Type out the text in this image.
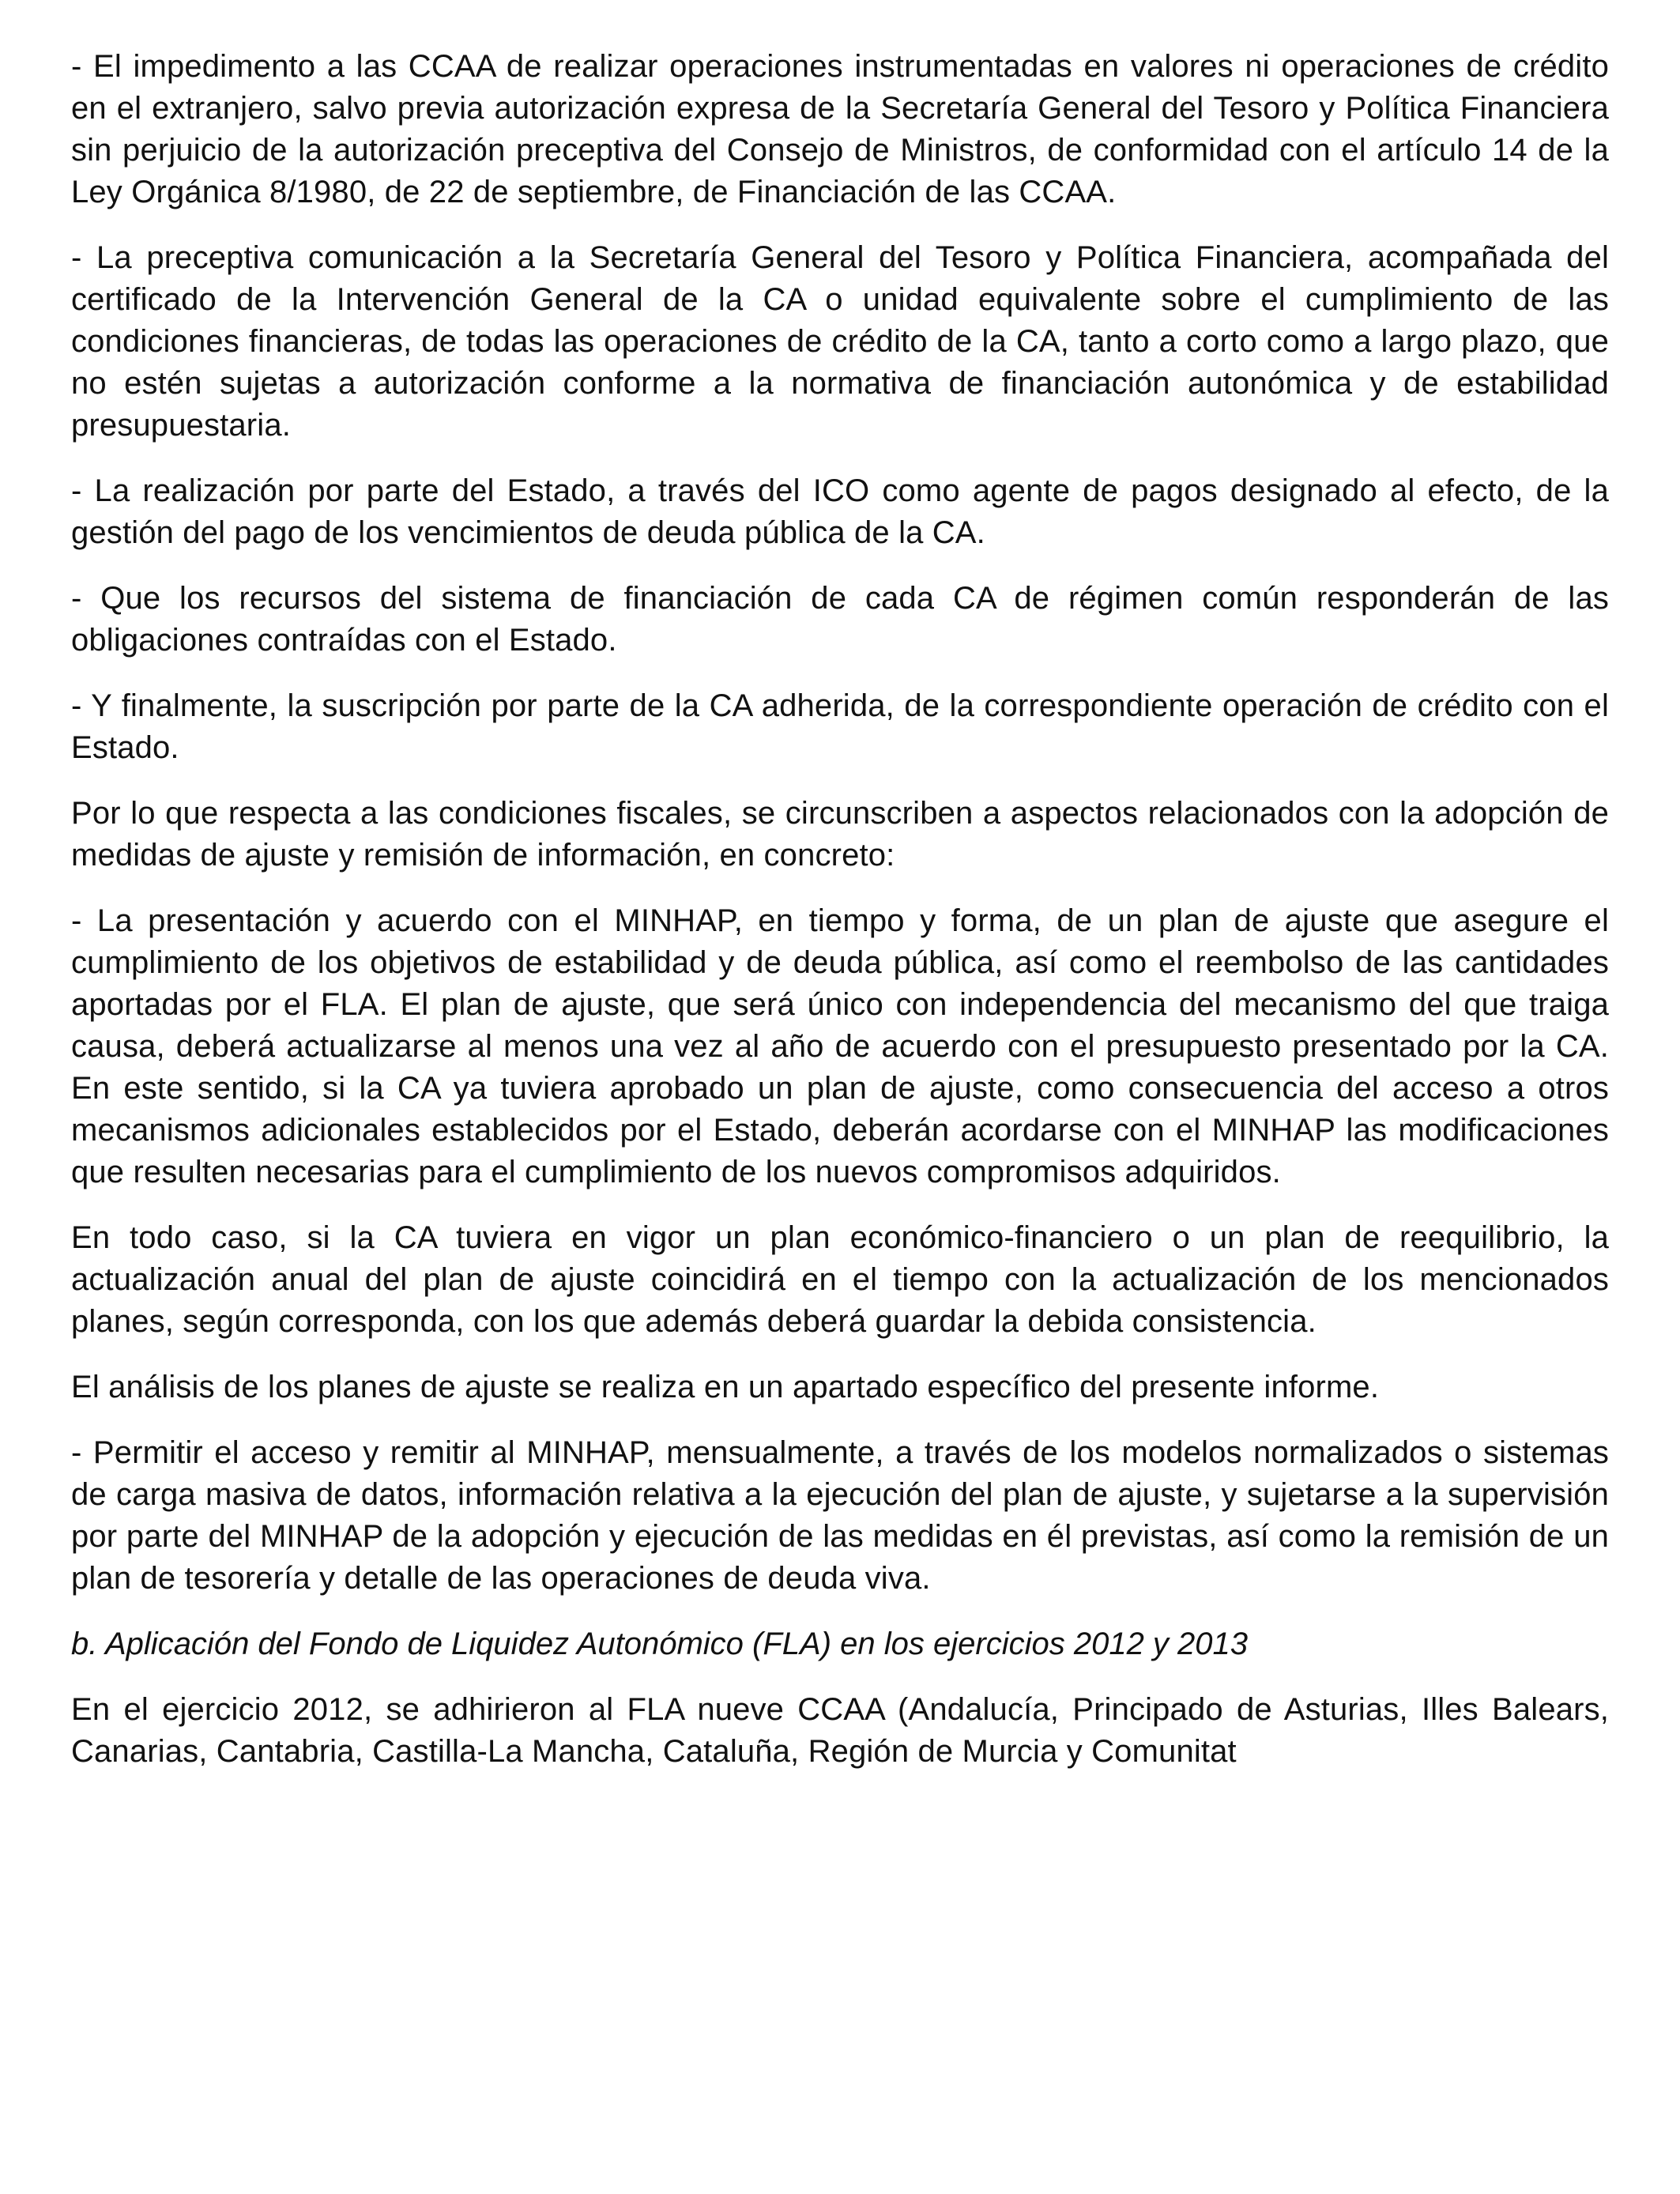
- El impedimento a las CCAA de realizar operaciones instrumentadas en valores ni operaciones de crédito en el extranjero, salvo previa autorización expresa de la Secretaría General del Tesoro y Política Financiera sin perjuicio de la autorización preceptiva del Consejo de Ministros, de conformidad con el artículo 14 de la Ley Orgánica 8/1980, de 22 de septiembre, de Financiación de las CCAA.

- La preceptiva comunicación a la Secretaría General del Tesoro y Política Financiera, acompañada del certificado de la Intervención General de la CA o unidad equivalente sobre el cumplimiento de las condiciones financieras, de todas las operaciones de crédito de la CA, tanto a corto como a largo plazo, que no estén sujetas a autorización conforme a la normativa de financiación autonómica y de estabilidad presupuestaria.

- La realización por parte del Estado, a través del ICO como agente de pagos designado al efecto, de la gestión del pago de los vencimientos de deuda pública de la CA.

- Que los recursos del sistema de financiación de cada CA de régimen común responderán de las obligaciones contraídas con el Estado.

- Y finalmente, la suscripción por parte de la CA adherida, de la correspondiente operación de crédito con el Estado.

Por lo que respecta a las condiciones fiscales, se circunscriben a aspectos relacionados con la adopción de medidas de ajuste y remisión de información, en concreto:

- La presentación y acuerdo con el MINHAP, en tiempo y forma, de un plan de ajuste que asegure el cumplimiento de los objetivos de estabilidad y de deuda pública, así como el reembolso de las cantidades aportadas por el FLA. El plan de ajuste, que será único con independencia del mecanismo del que traiga causa, deberá actualizarse al menos una vez al año de acuerdo con el presupuesto presentado por la CA. En este sentido, si la CA ya tuviera aprobado un plan de ajuste, como consecuencia del acceso a otros mecanismos adicionales establecidos por el Estado, deberán acordarse con el MINHAP las modificaciones que resulten necesarias para el cumplimiento de los nuevos compromisos adquiridos.

En todo caso, si la CA tuviera en vigor un plan económico-financiero o un plan de reequilibrio, la actualización anual del plan de ajuste coincidirá en el tiempo con la actualización de los mencionados planes, según corresponda, con los que además deberá guardar la debida consistencia.

El análisis de los planes de ajuste se realiza en un apartado específico del presente informe.

- Permitir el acceso y remitir al MINHAP, mensualmente, a través de los modelos normalizados o sistemas de carga masiva de datos, información relativa a la ejecución del plan de ajuste, y sujetarse a la supervisión por parte del MINHAP de la adopción y ejecución de las medidas en él previstas, así como la remisión de un plan de tesorería y detalle de las operaciones de deuda viva.

b. Aplicación del Fondo de Liquidez Autonómico (FLA) en los ejercicios 2012 y 2013

En el ejercicio 2012, se adhirieron al FLA nueve CCAA (Andalucía, Principado de Asturias, Illes Balears, Canarias, Cantabria, Castilla-La Mancha, Cataluña, Región de Murcia y Comunitat
